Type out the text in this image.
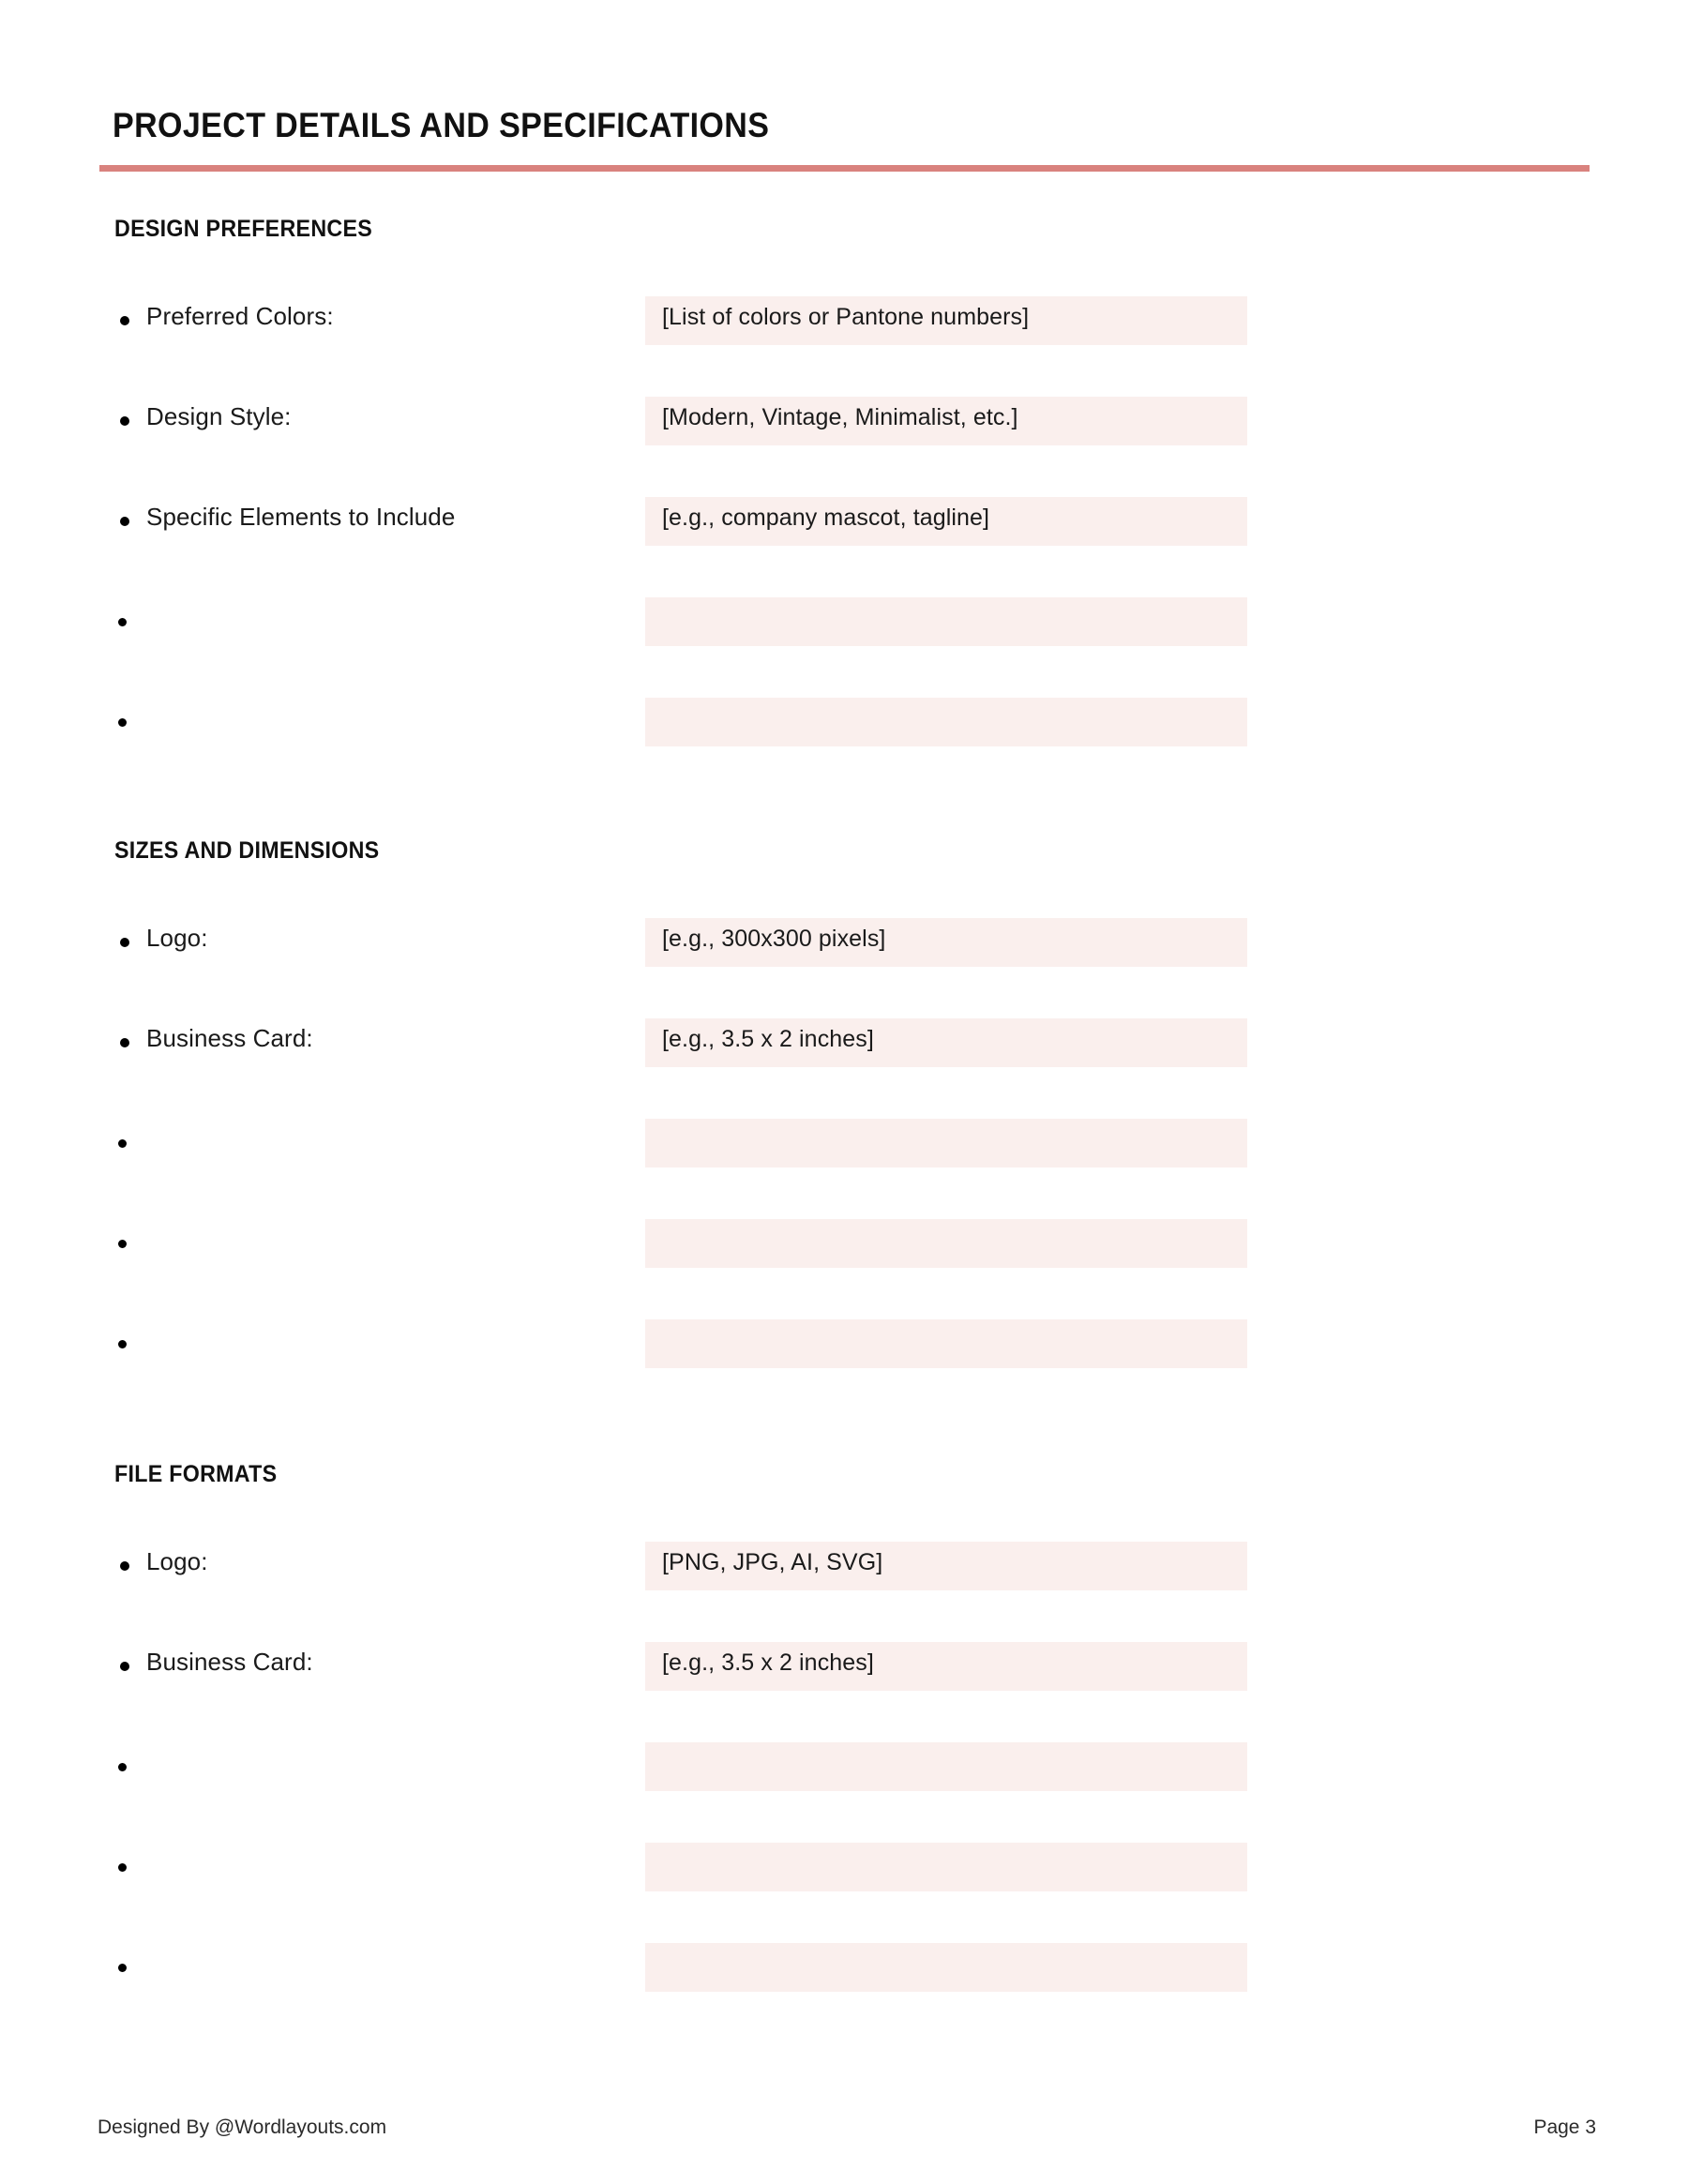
PROJECT DETAILS AND SPECIFICATIONS
DESIGN PREFERENCES
SIZES AND DIMENSIONS
FILE FORMATS
Preferred Colors:	[List of colors or Pantone numbers]
Design Style:	[Modern, Vintage, Minimalist, etc.]
Specific Elements to Include	[e.g., company mascot, tagline]
Logo:	[e.g., 300x300 pixels]
Business Card:	[e.g., 3.5 x 2 inches]
Logo:	[PNG, JPG, AI, SVG]
Business Card:	[e.g., 3.5 x 2 inches]
Designed By @Wordlayouts.com	Page 3
